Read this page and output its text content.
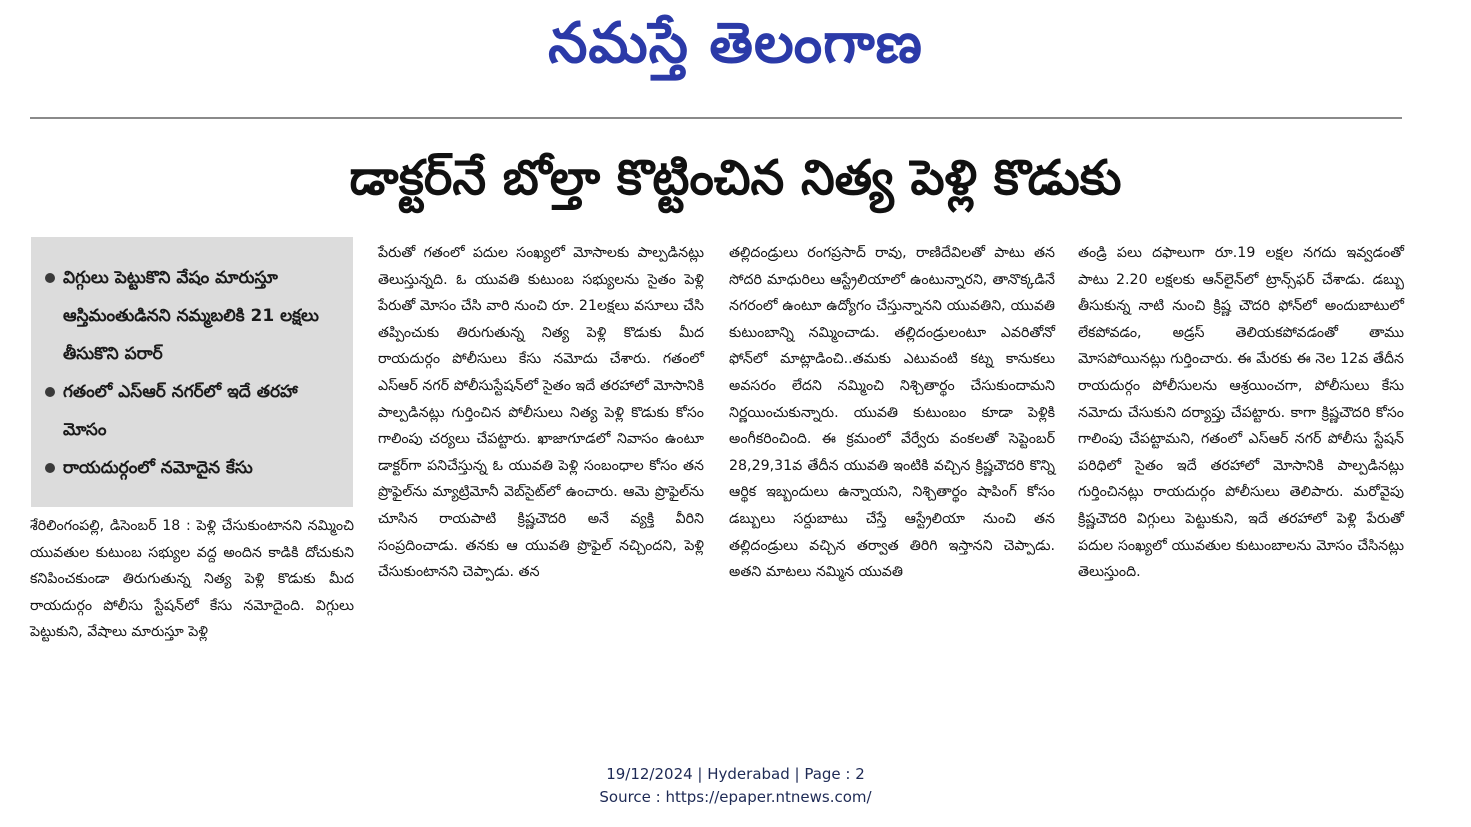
నమస్తే తెలంగాణ
డాక్టర్‌నే బోల్తా కొట్టించిన నిత్య పెళ్లి కొడుకు
విగ్గులు పెట్టుకొని వేషం మారుస్తూ ఆస్తిమంతుడినని నమ్మబలికి 21 లక్షలు తీసుకొని పరార్‌
గతంలో ఎస్‌ఆర్‌ నగర్‌లో ఇదే తరహా మోసం
రాయదుర్గంలో నమోదైన కేసు
శేరిలింగంపల్లి, డిసెంబర్‌ 18 : పెళ్లి చేసుకుంటానని నమ్మించి యువతుల కుటుంబ సభ్యుల వద్ద అందిన కాడికి దోచుకుని కనిపించకుండా తిరుగుతున్న నిత్య పెళ్లి కొడుకు మీద రాయదుర్గం పోలీసు స్టేషన్‌లో కేసు నమోదైంది. విగ్గులు పెట్టుకుని, వేషాలు మారుస్తూ పెళ్లి
పేరుతో గతంలో పదుల సంఖ్యలో మోసాలకు పాల్పడినట్లు తెలుస్తున్నది. ఓ యువతి కుటుంబ సభ్యులను సైతం పెళ్లి పేరుతో మోసం చేసి వారి నుంచి రూ. 21లక్షలు వసూలు చేసి తప్పించుకు తిరుగుతున్న నిత్య పెళ్లి కొడుకు మీద రాయదుర్గం పోలీసులు కేసు నమోదు చేశారు. గతంలో ఎస్‌ఆర్‌ నగర్‌ పోలీసుస్టేషన్‌లో సైతం ఇదే తరహాలో మోసానికి పాల్పడినట్లు గుర్తించిన పోలీసులు నిత్య పెళ్లి కొడుకు కోసం గాలింపు చర్యలు చేపట్టారు. ఖాజాగూడలో నివాసం ఉంటూ డాక్టర్‌గా పనిచేస్తున్న ఓ యువతి పెళ్లి సంబంధాల కోసం తన ప్రొఫైల్‌ను మ్యాట్రిమోనీ వెబ్‌సైట్‌లో ఉంచారు. ఆమె ప్రొఫైల్‌ను చూసిన రాయపాటి క్రిష్ణచౌదరి అనే వ్యక్తి వీరిని సంప్రదించాడు. తనకు ఆ యువతి ప్రొఫైల్‌ నచ్చిందని, పెళ్లి చేసుకుంటానని చెప్పాడు. తన
తల్లిదండ్రులు రంగప్రసాద్‌ రావు, రాణిదేవిలతో పాటు తన సోదరి మాధురిలు ఆస్ట్రేలియాలో ఉంటున్నారని, తానొక్కడినే నగరంలో ఉంటూ ఉద్యోగం చేస్తున్నానని యువతిని, యువతి కుటుంబాన్ని నమ్మించాడు. తల్లిదండ్రులంటూ ఎవరితోనో ఫోన్‌లో మాట్లాడించి..తమకు ఎటువంటి కట్న కానుకలు అవసరం లేదని నమ్మించి నిశ్చితార్థం చేసుకుందామని నిర్ణయించుకున్నారు. యువతి కుటుంబం కూడా పెళ్లికి అంగీకరించింది. ఈ క్రమంలో వేర్వేరు వంకలతో సెప్టెంబర్‌ 28,29,31వ తేదీన యువతి ఇంటికి వచ్చిన క్రిష్ణచౌదరి కొన్ని ఆర్థిక ఇబ్బందులు ఉన్నాయని, నిశ్చితార్థం షాపింగ్‌ కోసం డబ్బులు సర్దుబాటు చేస్తే ఆస్ట్రేలియా నుంచి తన తల్లిదండ్రులు వచ్చిన తర్వాత తిరిగి ఇస్తానని చెప్పాడు. అతని మాటలు నమ్మిన యువతి
తండ్రి పలు దఫాలుగా రూ.19 లక్షల నగదు ఇవ్వడంతో పాటు 2.20 లక్షలకు ఆన్‌లైన్‌లో ట్రాన్స్‌ఫర్‌ చేశాడు. డబ్బు తీసుకున్న నాటి నుంచి క్రిష్ణ చౌదరి ఫోన్‌లో అందుబాటులో లేకపోవడం, అడ్రస్‌ తెలియకపోవడంతో తాము మోసపోయినట్లు గుర్తించారు. ఈ మేరకు ఈ నెల 12వ తేదీన రాయదుర్గం పోలీసులను ఆశ్రయించగా, పోలీసులు కేసు నమోదు చేసుకుని దర్యాప్తు చేపట్టారు. కాగా క్రిష్ణచౌదరి కోసం గాలింపు చేపట్టామని, గతంలో ఎస్‌ఆర్‌ నగర్‌ పోలీసు స్టేషన్‌ పరిధిలో సైతం ఇదే తరహాలో మోసానికి పాల్పడినట్లు గుర్తించినట్లు రాయదుర్గం పోలీసులు తెలిపారు. మరోవైపు క్రిష్ణచౌదరి విగ్గులు పెట్టుకుని, ఇదే తరహాలో పెళ్లి పేరుతో పదుల సంఖ్యలో యువతుల కుటుంబాలను మోసం చేసినట్లు తెలుస్తుంది.
19/12/2024 | Hyderabad | Page : 2
Source : https://epaper.ntnews.com/
